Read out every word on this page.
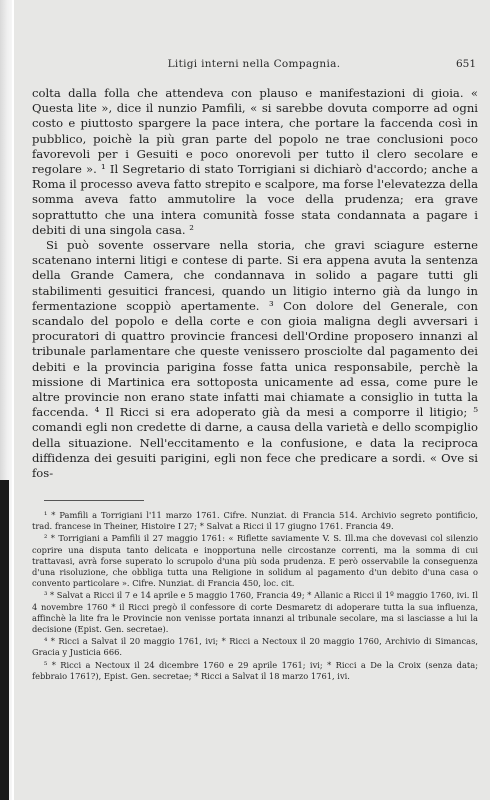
Litigi interni nella Compagnia.	651

colta dalla folla che attendeva con plauso e manifestazioni di gioia. « Questa lite », dice il nunzio Pamfili, « si sarebbe dovuta comporre ad ogni costo e piuttosto spargere la pace intera, che portare la faccenda così in pubblico, poichè la più gran parte del popolo ne trae conclusioni poco favorevoli per i Gesuiti e poco onorevoli per tutto il clero secolare e regolare ». ¹ Il Segretario di stato Torrigiani si dichiarò d'accordo; anche a Roma il processo aveva fatto strepito e scalpore, ma forse l'elevatezza della somma aveva fatto ammutolire la voce della prudenza; era grave soprattutto che una intera comunità fosse stata condannata a pagare i debiti di una singola casa. ²

Si può sovente osservare nella storia, che gravi sciagure esterne scatenano interni litigi e contese di parte. Si era appena avuta la sentenza della Grande Camera, che condannava in solido a pagare tutti gli stabilimenti gesuitici francesi, quando un litigio interno già da lungo in fermentazione scoppiò apertamente. ³ Con dolore del Generale, con scandalo del popolo e della corte e con gioia maligna degli avversari i procuratori di quattro provincie francesi dell'Ordine proposero innanzi al tribunale parlamentare che queste venissero prosciolte dal pagamento dei debiti e la provincia parigina fosse fatta unica responsabile, perchè la missione di Martinica era sottoposta unicamente ad essa, come pure le altre provincie non erano state infatti mai chiamate a consiglio in tutta la faccenda. ⁴ Il Ricci si era adoperato già da mesi a comporre il litigio; ⁵ comandi egli non credette di darne, a causa della varietà e dello scompiglio della situazione. Nell'eccitamento e la confusione, e data la reciproca diffidenza dei gesuiti parigini, egli non fece che predicare a sordi. « Ove si fos-

¹ * Pamfili a Torrigiani l'11 marzo 1761. Cifre. Nunziat. di Francia 514. Archivio segreto pontificio, trad. francese in Theiner, Histoire I 27; * Salvat a Ricci il 17 giugno 1761. Francia 49.

² * Torrigiani a Pamfili il 27 maggio 1761: « Riflette saviamente V. S. Ill.ma che dovevasi col silenzio coprire una disputa tanto delicata e inopportuna nelle circostanze correnti, ma la somma di cui trattavasi, avrà forse superato lo scrupolo d'una più soda prudenza. E però osservabile la conseguenza d'una risoluzione, che obbliga tutta una Religione in solidum al pagamento d'un debito d'una casa o convento particolare ». Cifre. Nunziat. di Francia 450, loc. cit.

³ * Salvat a Ricci il 7 e 14 aprile e 5 maggio 1760, Francia 49; * Allanic a Ricci il 1º maggio 1760, ivi. Il 4 novembre 1760 * il Ricci pregò il confessore di corte Desmaretz di adoperare tutta la sua influenza, affinchè la lite fra le Provincie non venisse portata innanzi al tribunale secolare, ma si lasciasse a lui la decisione (Epist. Gen. secretae).

⁴ * Ricci a Salvat il 20 maggio 1761, ivi; * Ricci a Nectoux il 20 maggio 1760, Archivio di Simancas, Gracia y Justicia 666.

⁵ * Ricci a Nectoux il 24 dicembre 1760 e 29 aprile 1761; ivi; * Ricci a De la Croix (senza data; febbraio 1761?), Epist. Gen. secretae; * Ricci a Salvat il 18 marzo 1761, ivi.
